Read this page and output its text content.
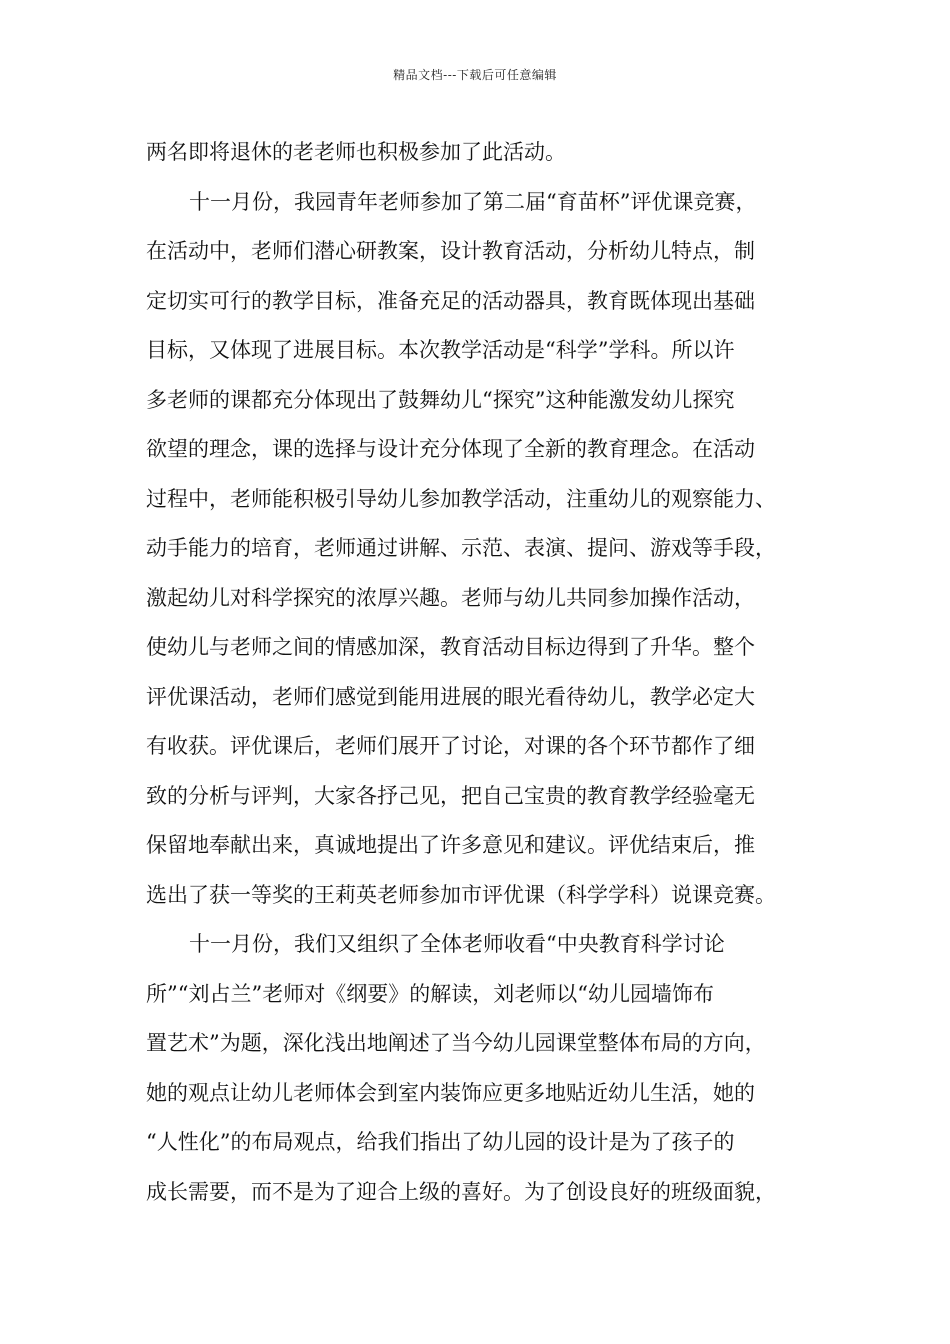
精品文档---下载后可任意编辑
两名即将退休的老老师也积极参加了此活动。
十一月份，我园青年老师参加了第二届“育苗杯”评优课竞赛，
在活动中，老师们潜心研教案，设计教育活动，分析幼儿特点，制
定切实可行的教学目标，准备充足的活动器具，教育既体现出基础
目标，又体现了进展目标。本次教学活动是“科学”学科。所以许
多老师的课都充分体现出了鼓舞幼儿“探究”这种能激发幼儿探究
欲望的理念，课的选择与设计充分体现了全新的教育理念。在活动
过程中，老师能积极引导幼儿参加教学活动，注重幼儿的观察能力、
动手能力的培育，老师通过讲解、示范、表演、提问、游戏等手段，
激起幼儿对科学探究的浓厚兴趣。老师与幼儿共同参加操作活动，
使幼儿与老师之间的情感加深，教育活动目标边得到了升华。整个
评优课活动，老师们感觉到能用进展的眼光看待幼儿，教学必定大
有收获。评优课后，老师们展开了讨论，对课的各个环节都作了细
致的分析与评判，大家各抒己见，把自己宝贵的教育教学经验毫无
保留地奉献出来，真诚地提出了许多意见和建议。评优结束后，推
选出了获一等奖的王莉英老师参加市评优课（科学学科）说课竞赛。
十一月份，我们又组织了全体老师收看“中央教育科学讨论
所”“刘占兰”老师对《纲要》的解读，刘老师以“幼儿园墙饰布
置艺术”为题，深化浅出地阐述了当今幼儿园课堂整体布局的方向，
她的观点让幼儿老师体会到室内装饰应更多地贴近幼儿生活，她的
“人性化”的布局观点，给我们指出了幼儿园的设计是为了孩子的
成长需要，而不是为了迎合上级的喜好。为了创设良好的班级面貌，
